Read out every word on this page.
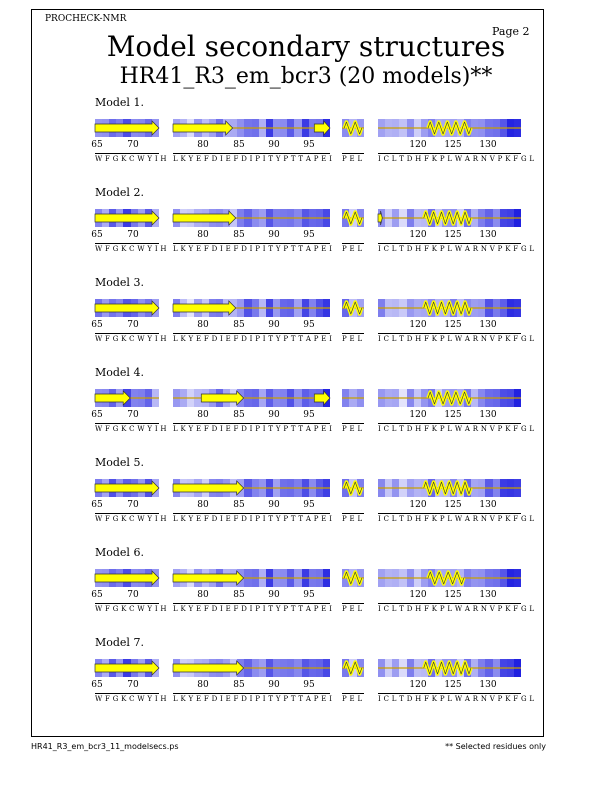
PROCHECK-NMR
Page 2
Model secondary structures
HR41_R3_em_bcr3 (20 models)**
Model 1.
65	70
W F G K C W Y I H
80	85	90	95
L K Y E F D I E F D I P I T Y P T T A P E I P E L
120 125 130
I C L T D H F K P L W A R N V P K F G L
Model 2.
65	70
W F G K C W Y I H
80	85	90	95
L K Y E F D I E F D I P I T Y P T T A P E I P E L
120 125 130
I C L T D H F K P L W A R N V P K F G L
Model 3.
65	70
W F G K C W Y I H
80	85	90	95
L K Y E F D I E F D I P I T Y P T T A P E I P E L
120 125 130
I C L T D H F K P L W A R N V P K F G L
Model 4.
65	70
W F G K C W Y I H
80	85	90	95
L K Y E F D I E F D I P I T Y P T T A P E I P E L
120 125 130
I C L T D H F K P L W A R N V P K F G L
Model 5.
65	70
W F G K C W Y I H
80	85	90	95
L K Y E F D I E F D I P I T Y P T T A P E I P E L
120 125 130
I C L T D H F K P L W A R N V P K F G L
Model 6.
65	70
W F G K C W Y I H
80	85	90	95
L K Y E F D I E F D I P I T Y P T T A P E I P E L
120 125 130
I C L T D H F K P L W A R N V P K F G L
Model 7.
65	70
W F G K C W Y I H
80	85	90	95
L K Y E F D I E F D I P I T Y P T T A P E I P E L
120 125 130
I C L T D H F K P L W A R N V P K F G L
HR41_R3_em_bcr3_11_modelsecs.ps	** Selected residues only
